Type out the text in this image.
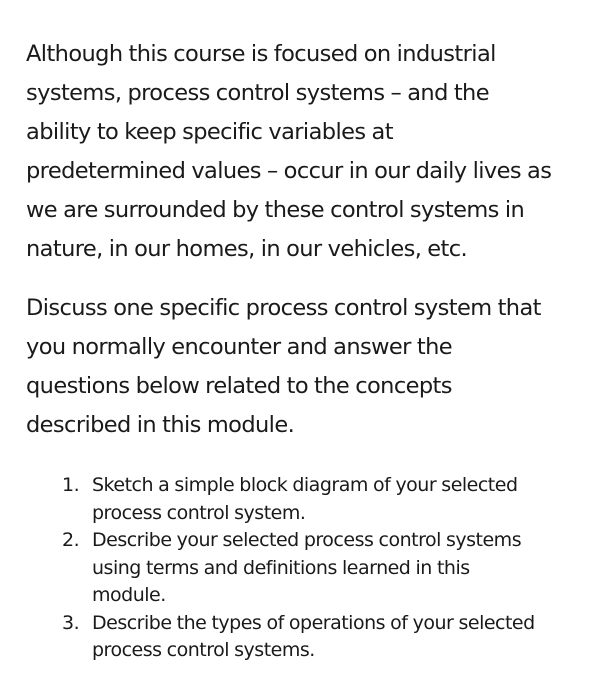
Although this course is focused on industrial
systems, process control systems – and the
ability to keep specific variables at
predetermined values – occur in our daily lives as
we are surrounded by these control systems in
nature, in our homes, in our vehicles, etc.

Discuss one specific process control system that
you normally encounter and answer the
questions below related to the concepts
described in this module.

1. Sketch a simple block diagram of your selected
process control system.
2. Describe your selected process control systems
using terms and definitions learned in this
module.
3. Describe the types of operations of your selected
process control systems.
